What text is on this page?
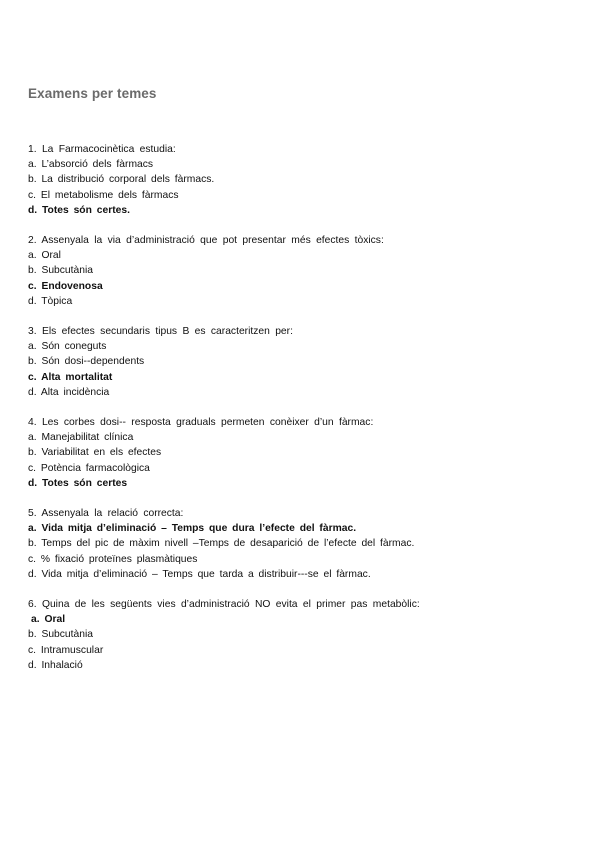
Examens per temes
1. La Farmacocinètica estudia:
a. L’absorció dels fàrmacs
b. La distribució corporal dels fàrmacs.
c. El metabolisme dels fàrmacs
d. Totes són certes.
2. Assenyala la via d’administració que pot presentar més efectes tòxics:
a. Oral
b. Subcutània
c. Endovenosa
d. Tòpica
3. Els efectes secundaris tipus B es caracteritzen per:
a. Són coneguts
b. Són dosi-‐dependents
c. Alta mortalitat
d. Alta incidència
4. Les corbes dosi-‐ resposta graduals permeten conèixer d’un fàrmac:
a. Manejabilitat clínica
b. Variabilitat en els efectes
c. Potència farmacològica
d. Totes són certes
5. Assenyala la relació correcta:
a. Vida mitja d’eliminació – Temps que dura l’efecte del fàrmac.
b. Temps del pic de màxim nivell –Temps de desaparició de l’efecte del fàrmac.
c. % fixació proteïnes plasmàtiques
d. Vida mitja d’eliminació – Temps que tarda a distribuir-‐‐se el fàrmac.
6. Quina de les següents vies d’administració NO evita el primer pas metabòlic:
a. Oral
b. Subcutània
c. Intramuscular
d. Inhalació
